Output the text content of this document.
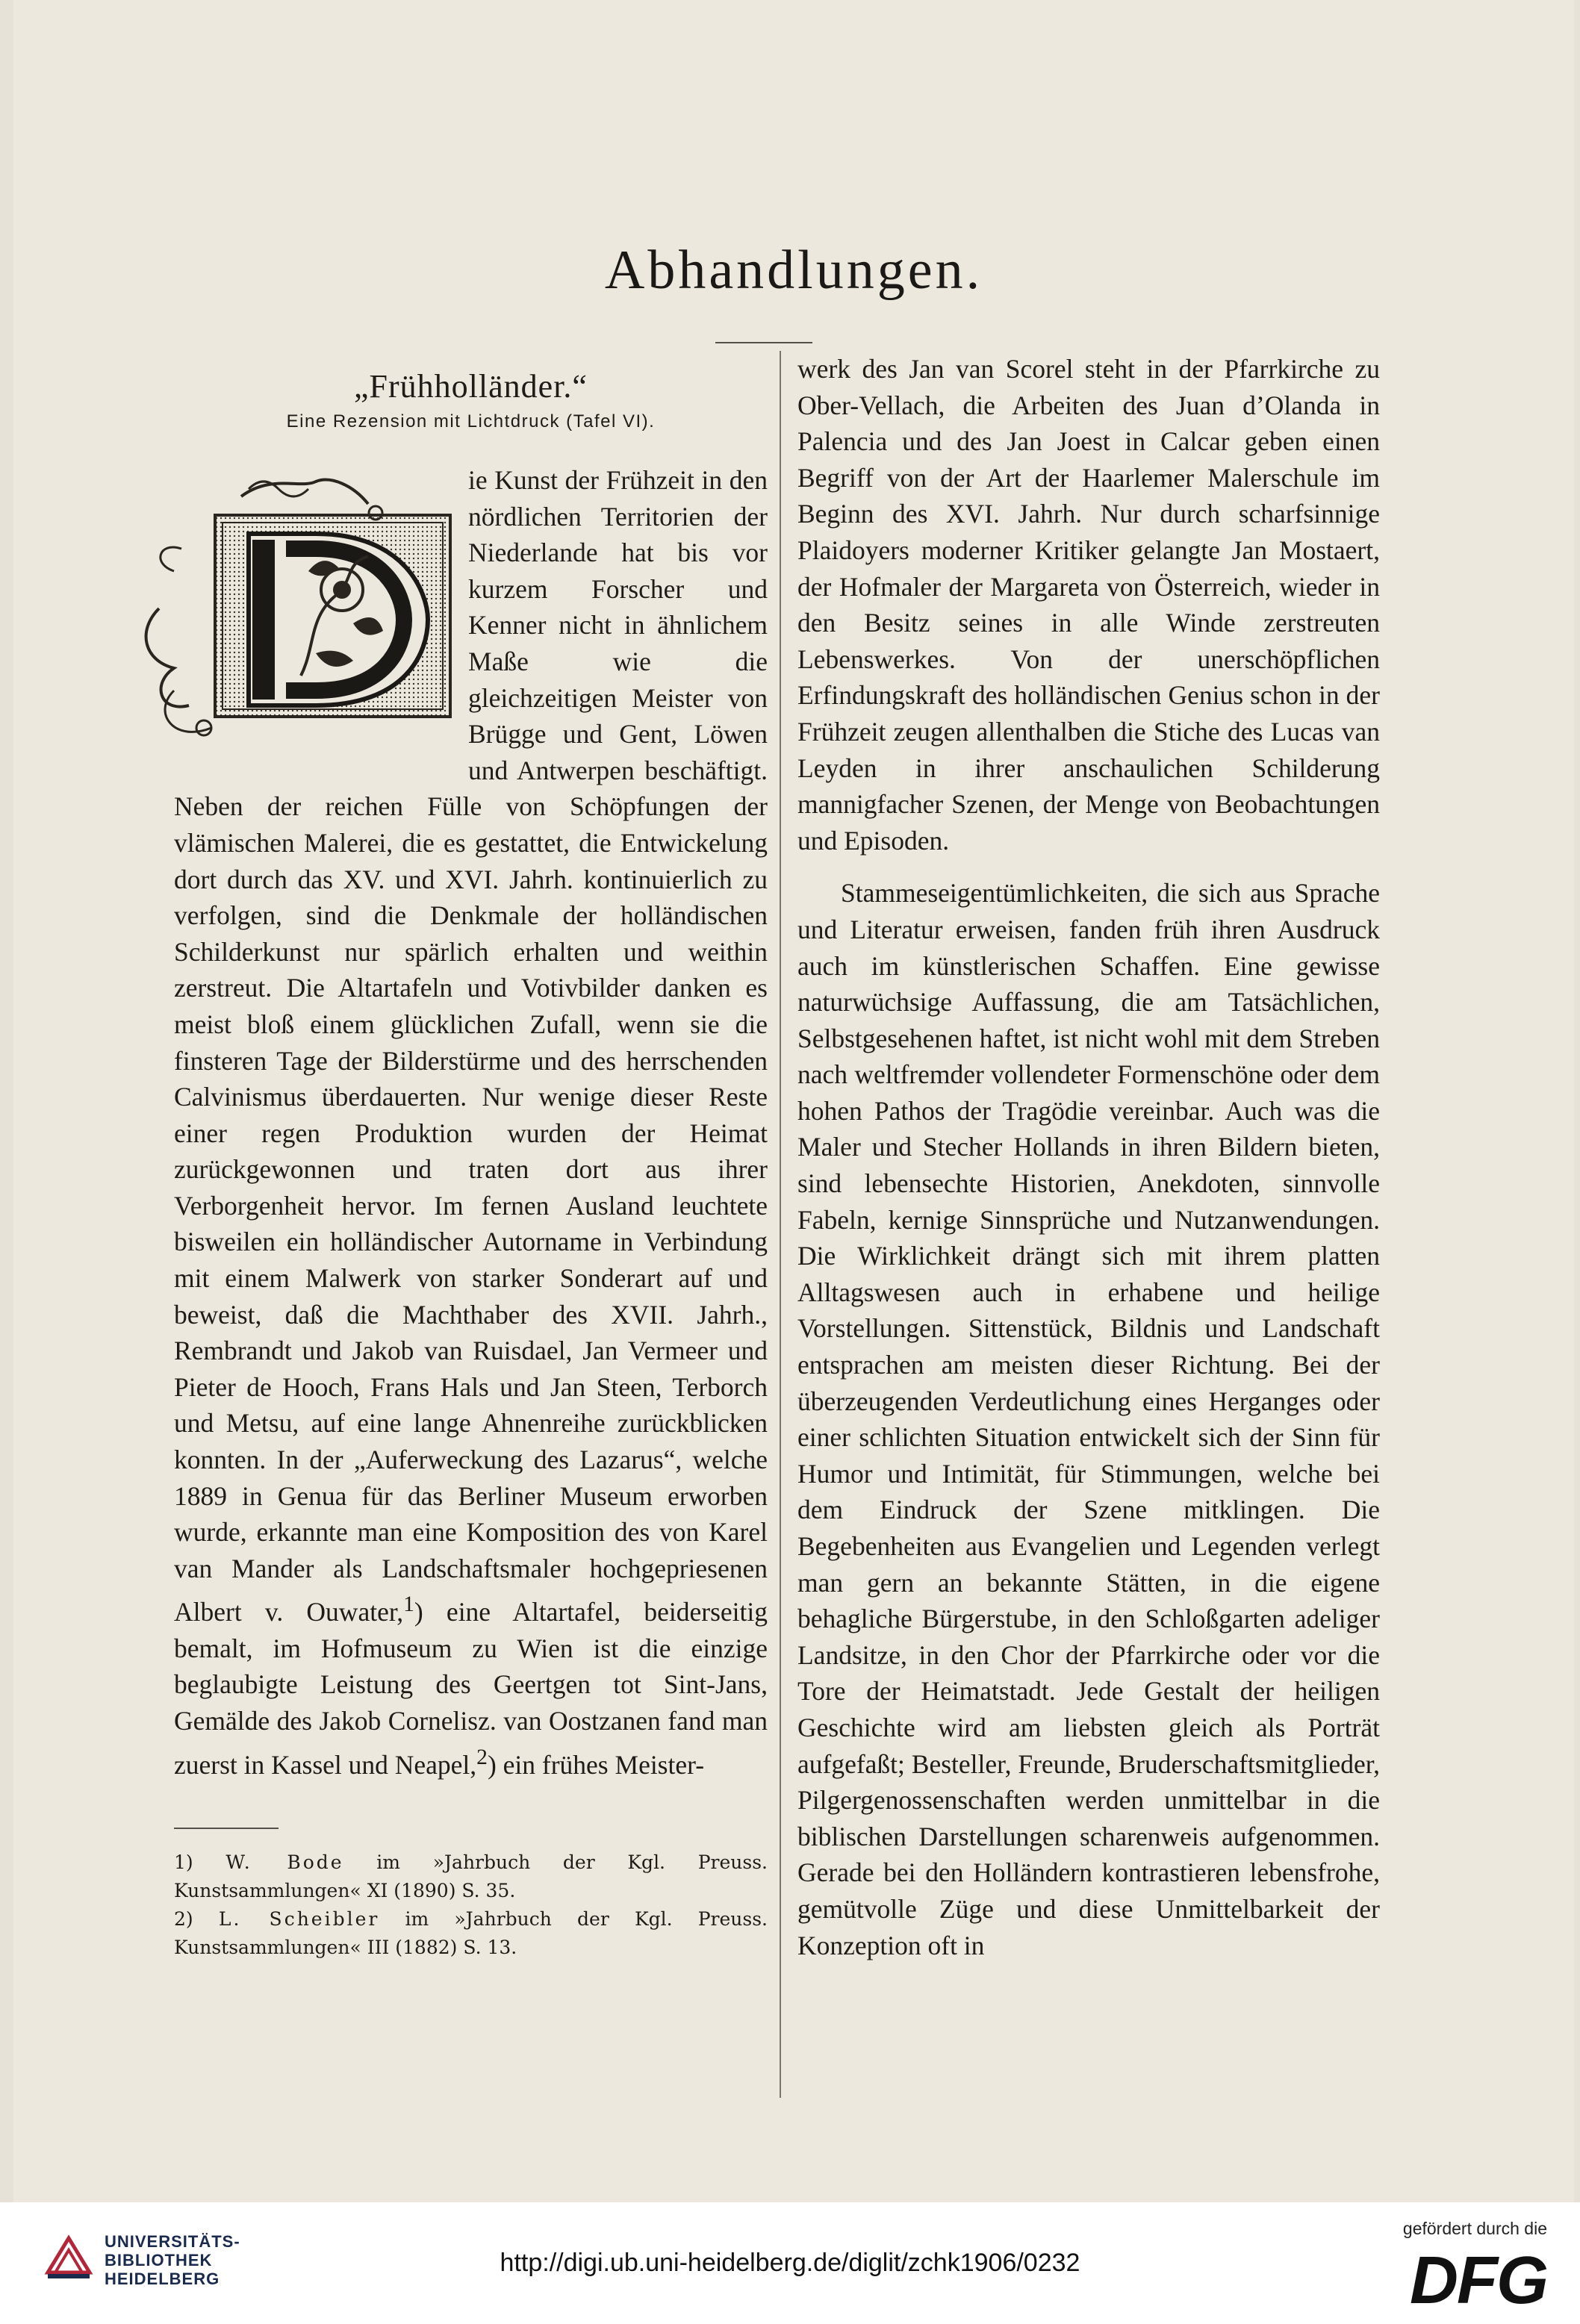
Abhandlungen.
„Frühholländer.“
Eine Rezension mit Lichtdruck (Tafel VI).

ie Kunst der Frühzeit in den nördlichen Territorien der Niederlande hat bis vor kurzem Forscher und Kenner nicht in ähnlichem Maße wie die gleichzeitigen Meister von Brügge und Gent, Löwen und Antwerpen beschäftigt. Neben der reichen Fülle von Schöpfungen der vlämischen Malerei, die es gestattet, die Entwickelung dort durch das XV. und XVI. Jahrh. kontinuierlich zu verfolgen, sind die Denkmale der holländischen Schilderkunst nur spärlich erhalten und weithin zerstreut. Die Altartafeln und Votivbilder danken es meist bloß einem glücklichen Zufall, wenn sie die finsteren Tage der Bilderstürme und des herrschenden Calvinismus überdauerten. Nur wenige dieser Reste einer regen Produktion wurden der Heimat zurückgewonnen und traten dort aus ihrer Verborgenheit hervor. Im fernen Ausland leuchtete bisweilen ein holländischer Autorname in Verbindung mit einem Malwerk von starker Sonderart auf und beweist, daß die Machthaber des XVII. Jahrh., Rembrandt und Jakob van Ruisdael, Jan Vermeer und Pieter de Hooch, Frans Hals und Jan Steen, Terborch und Metsu, auf eine lange Ahnenreihe zurückblicken konnten. In der „Auferweckung des Lazarus“, welche 1889 in Genua für das Berliner Museum erworben wurde, erkannte man eine Komposition des von Karel van Mander als Landschaftsmaler hochgepriesenen Albert v. Ouwater,$^1$) eine Altartafel, beiderseitig bemalt, im Hofmuseum zu Wien ist die einzige beglaubigte Leistung des Geertgen tot Sint-Jans, Gemälde des Jakob Cornelisz. van Oostzanen fand man zuerst in Kassel und Neapel,$^2$) ein frühes Meister-

1) W. Bode im »Jahrbuch der Kgl. Preuss. Kunstsammlungen« XI (1890) S. 35.

2) L. Scheibler im »Jahrbuch der Kgl. Preuss. Kunstsammlungen« III (1882) S. 13.

werk des Jan van Scorel steht in der Pfarrkirche zu Ober-Vellach, die Arbeiten des Juan d’Olanda in Palencia und des Jan Joest in Calcar geben einen Begriff von der Art der Haarlemer Malerschule im Beginn des XVI. Jahrh. Nur durch scharfsinnige Plaidoyers moderner Kritiker gelangte Jan Mostaert, der Hofmaler der Margareta von Österreich, wieder in den Besitz seines in alle Winde zerstreuten Lebenswerkes. Von der unerschöpflichen Erfindungskraft des holländischen Genius schon in der Frühzeit zeugen allenthalben die Stiche des Lucas van Leyden in ihrer anschaulichen Schilderung mannigfacher Szenen, der Menge von Beobachtungen und Episoden.

Stammeseigentümlichkeiten, die sich aus Sprache und Literatur erweisen, fanden früh ihren Ausdruck auch im künstlerischen Schaffen. Eine gewisse naturwüchsige Auffassung, die am Tatsächlichen, Selbstgesehenen haftet, ist nicht wohl mit dem Streben nach weltfremder vollendeter Formenschöne oder dem hohen Pathos der Tragödie vereinbar. Auch was die Maler und Stecher Hollands in ihren Bildern bieten, sind lebensechte Historien, Anekdoten, sinnvolle Fabeln, kernige Sinnsprüche und Nutzanwendungen. Die Wirklichkeit drängt sich mit ihrem platten Alltagswesen auch in erhabene und heilige Vorstellungen. Sittenstück, Bildnis und Landschaft entsprachen am meisten dieser Richtung. Bei der überzeugenden Verdeutlichung eines Herganges oder einer schlichten Situation entwickelt sich der Sinn für Humor und Intimität, für Stimmungen, welche bei dem Eindruck der Szene mitklingen. Die Begebenheiten aus Evangelien und Legenden verlegt man gern an bekannte Stätten, in die eigene behagliche Bürgerstube, in den Schloßgarten adeliger Landsitze, in den Chor der Pfarrkirche oder vor die Tore der Heimatstadt. Jede Gestalt der heiligen Geschichte wird am liebsten gleich als Porträt aufgefaßt; Besteller, Freunde, Bruderschaftsmitglieder, Pilgergenossenschaften werden unmittelbar in die biblischen Darstellungen scharenweis aufgenommen. Gerade bei den Holländern kontrastieren lebensfrohe, gemütvolle Züge und diese Unmittelbarkeit der Konzeption oft in

UNIVERSITÄTS-
BIBLIOTHEK
HEIDELBERG
http://digi.ub.uni-heidelberg.de/diglit/zchk1906/0232
gefördert durch die
DFG
